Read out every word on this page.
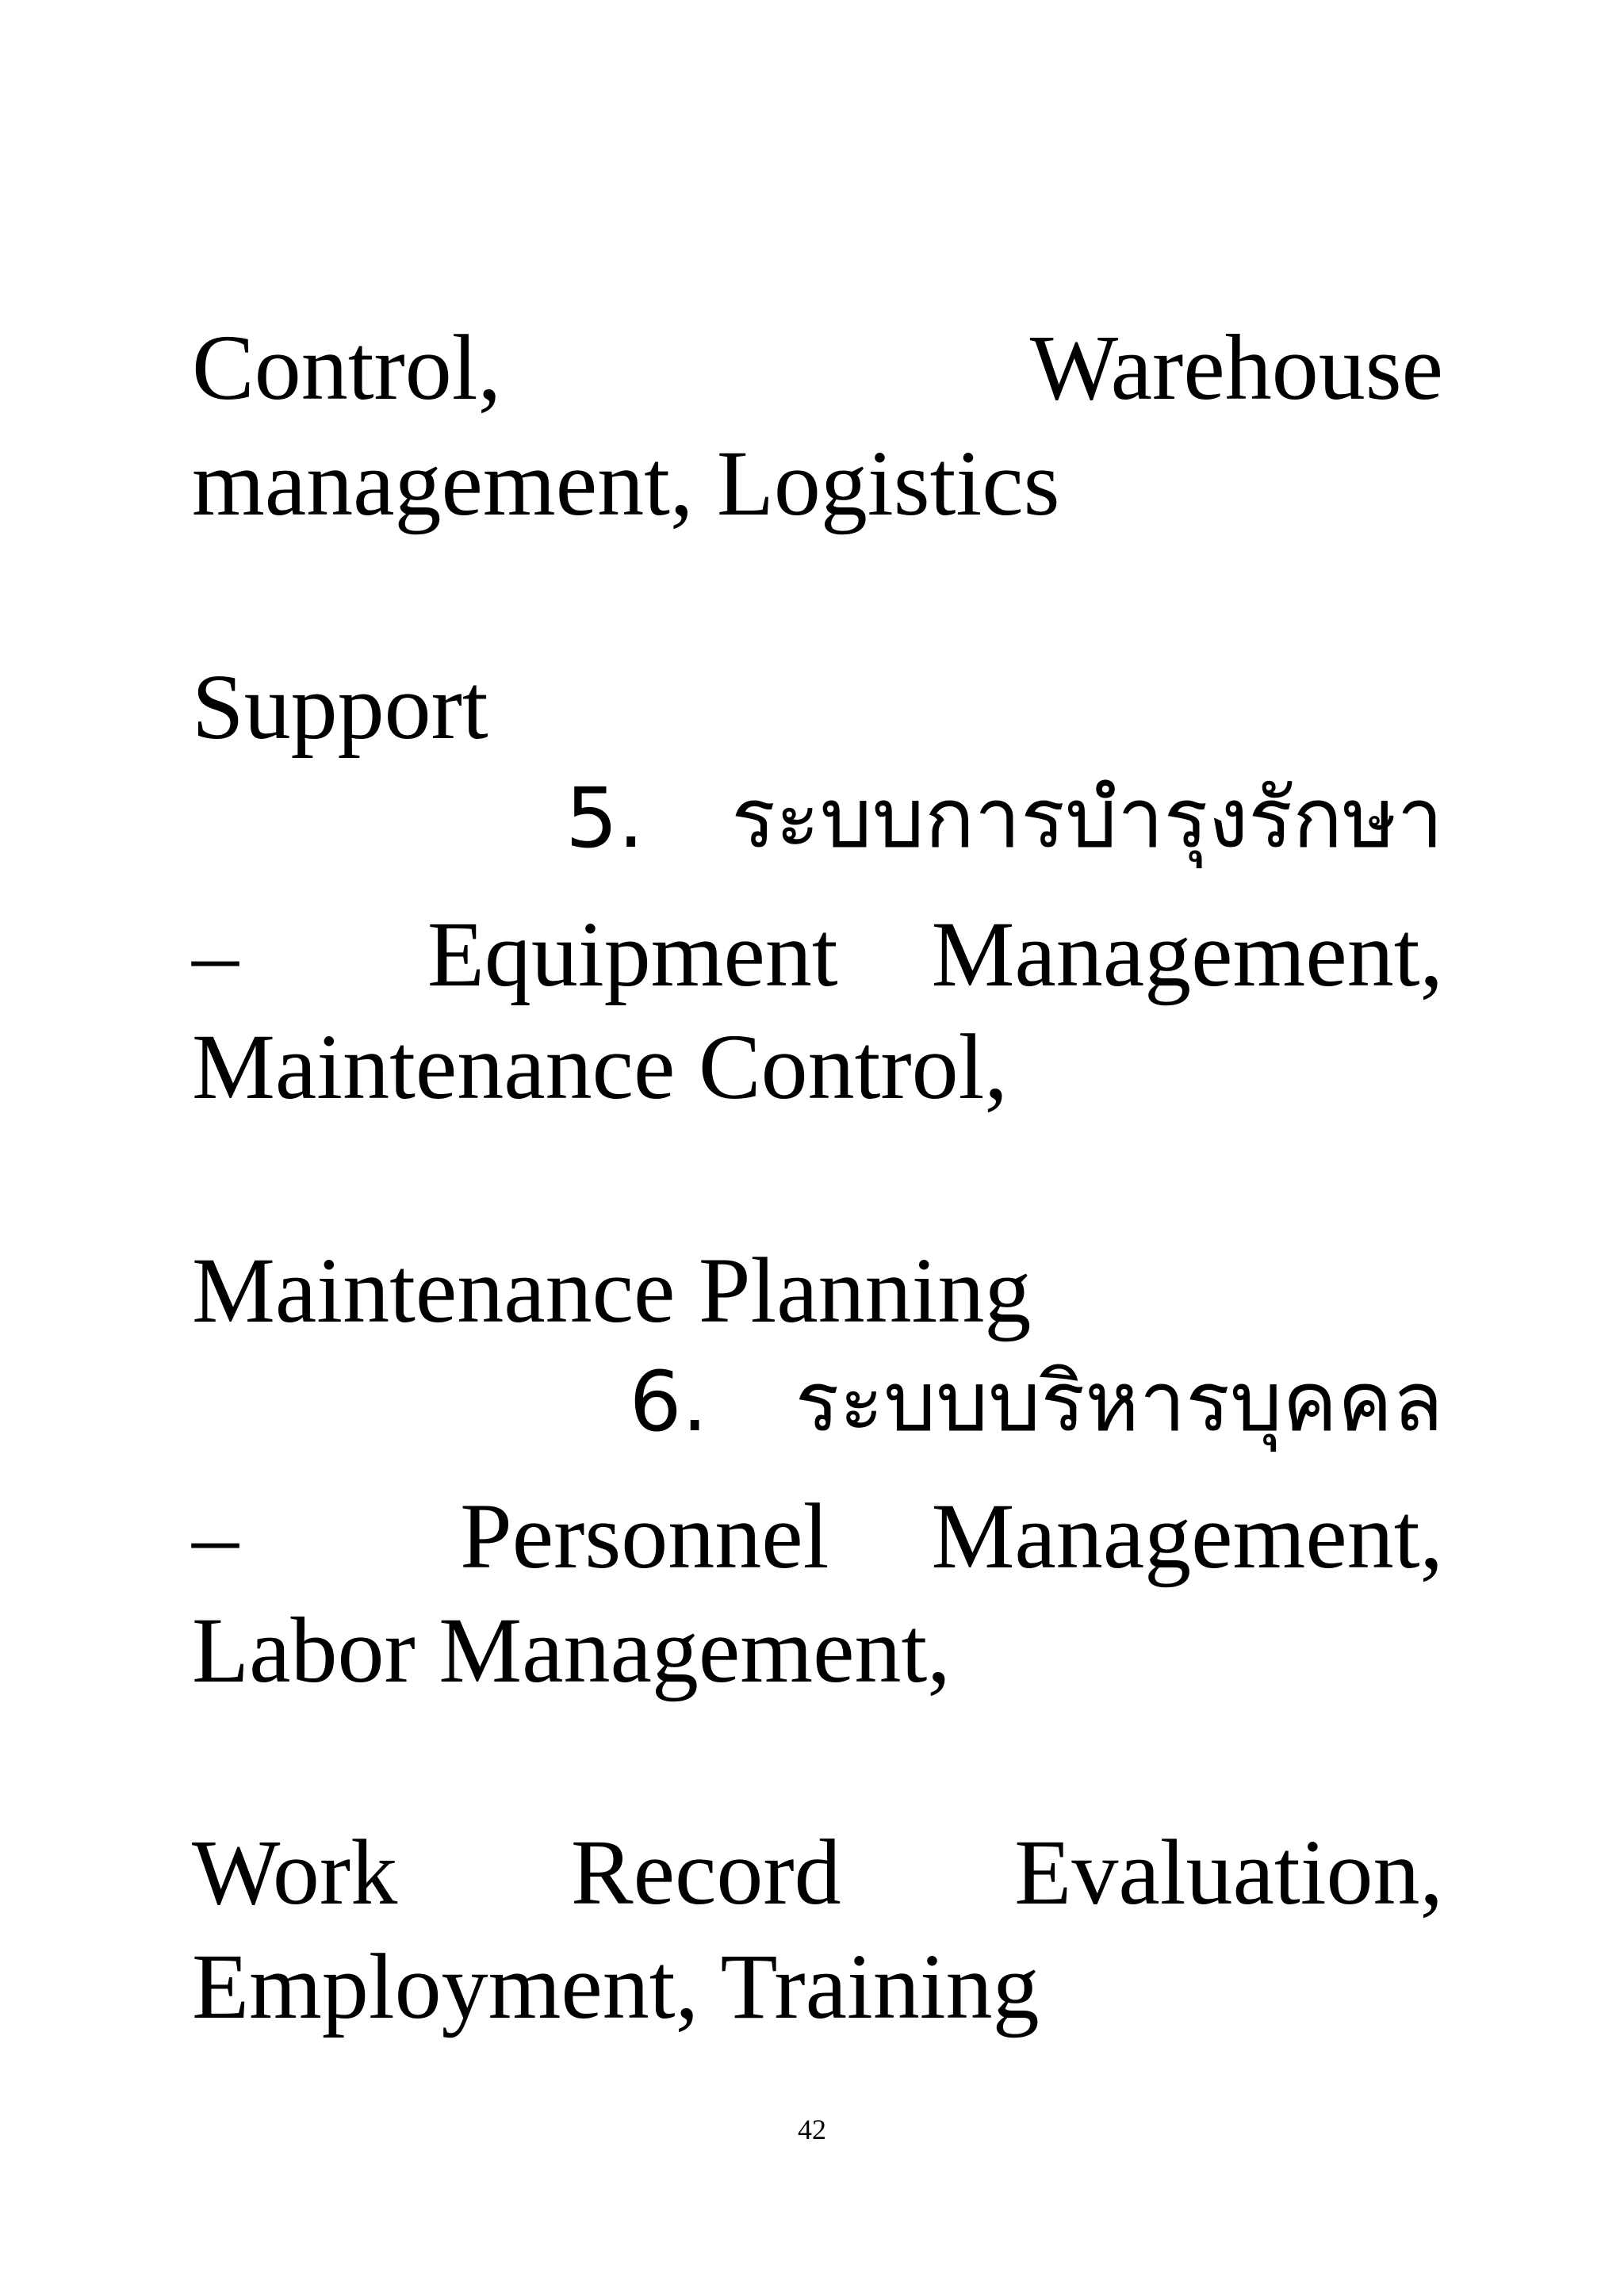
Control,	Warehouse
management, Logistics
Support
5. ระบบการบำรุงรักษา
– Equipment Management,
Maintenance Control,
Maintenance Planning
6. ระบบบริหารบุคคล
– Personnel Management,
Labor Management,
Work Record Evaluation,
Employment, Training
42
